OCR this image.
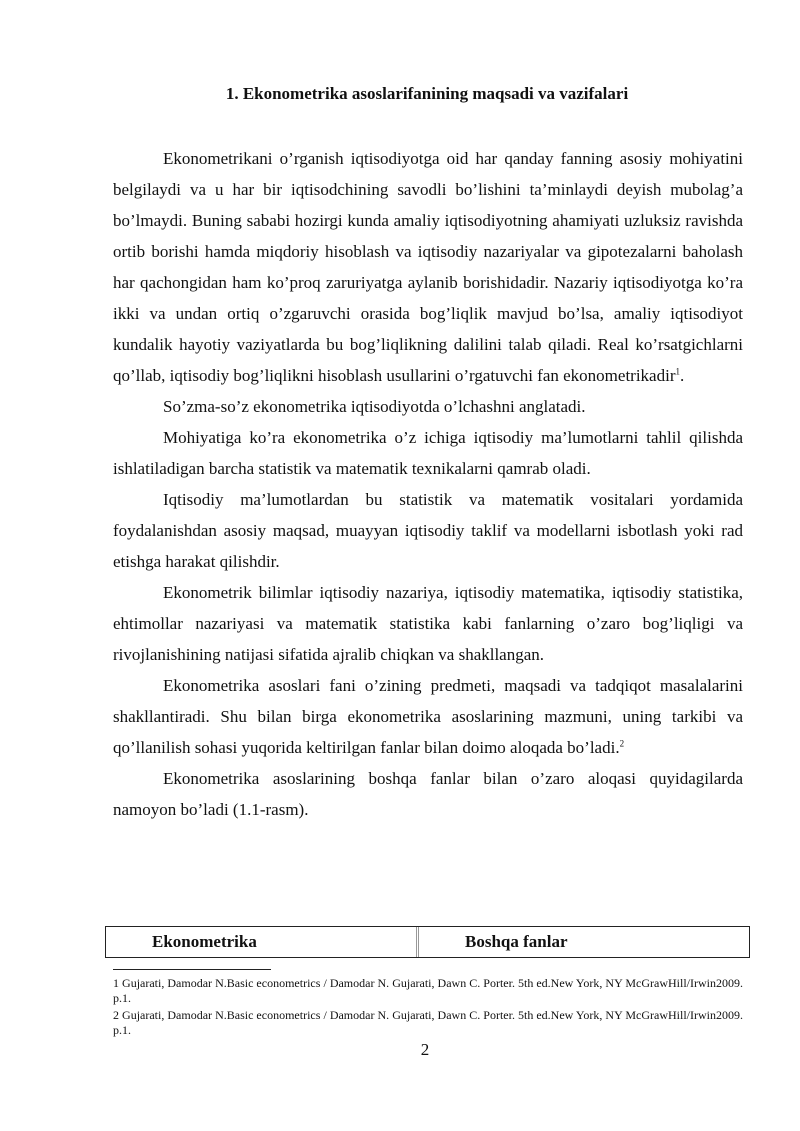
1. Ekonometrika asoslarifanining maqsadi va vazifalari

Ekonometrikani o’rganish iqtisodiyotga oid har qanday fanning asosiy mohiyatini belgilaydi va u har bir iqtisodchining savodli bo’lishini ta’minlaydi deyish mubolag’a bo’lmaydi. Buning sababi hozirgi kunda amaliy iqtisodiyotning ahamiyati uzluksiz ravishda ortib borishi hamda miqdoriy hisoblash va iqtisodiy nazariyalar va gipotezalarni baholash har qachongidan ham ko’proq zaruriyatga aylanib borishidadir. Nazariy iqtisodiyotga ko’ra ikki va undan ortiq o’zgaruvchi orasida bog’liqlik mavjud bo’lsa, amaliy iqtisodiyot kundalik hayotiy vaziyatlarda bu bog’liqlikning dalilini talab qiladi. Real ko’rsatgichlarni qo’llab, iqtisodiy bog’liqlikni hisoblash usullarini o’rgatuvchi fan ekonometrikadir$^1$.

So’zma-so’z ekonometrika iqtisodiyotda o’lchashni anglatadi.

Mohiyatiga ko’ra ekonometrika o’z ichiga iqtisodiy ma’lumotlarni tahlil qilishda ishlatiladigan barcha statistik va matematik texnikalarni qamrab oladi.

Iqtisodiy ma’lumotlardan bu statistik va matematik vositalari yordamida foydalanishdan asosiy maqsad, muayyan iqtisodiy taklif va modellarni isbotlash yoki rad etishga harakat qilishdir.

Ekonometrik bilimlar iqtisodiy nazariya, iqtisodiy matematika, iqtisodiy statistika, ehtimollar nazariyasi va matematik statistika kabi fanlarning o’zaro bog’liqligi va rivojlanishining natijasi sifatida ajralib chiqkan va shakllangan.

Ekonometrika asoslari fani o’zining predmeti, maqsadi va tadqiqot masalalarini shakllantiradi. Shu bilan birga ekonometrika asoslarining mazmuni, uning tarkibi va qo’llanilish sohasi yuqorida keltirilgan fanlar bilan doimo aloqada bo’ladi.$^2$

Ekonometrika asoslarining boshqa fanlar bilan o’zaro aloqasi quyidagilarda namoyon bo’ladi (1.1-rasm).

Ekonometrika	Boshqa fanlar

1 Gujarati, Damodar N.Basic econometrics / Damodar N. Gujarati, Dawn C. Porter. 5th ed.New York, NY McGrawHill/Irwin2009. p.1.

2 Gujarati, Damodar N.Basic econometrics / Damodar N. Gujarati, Dawn C. Porter. 5th ed.New York, NY McGrawHill/Irwin2009. p.1.

2
